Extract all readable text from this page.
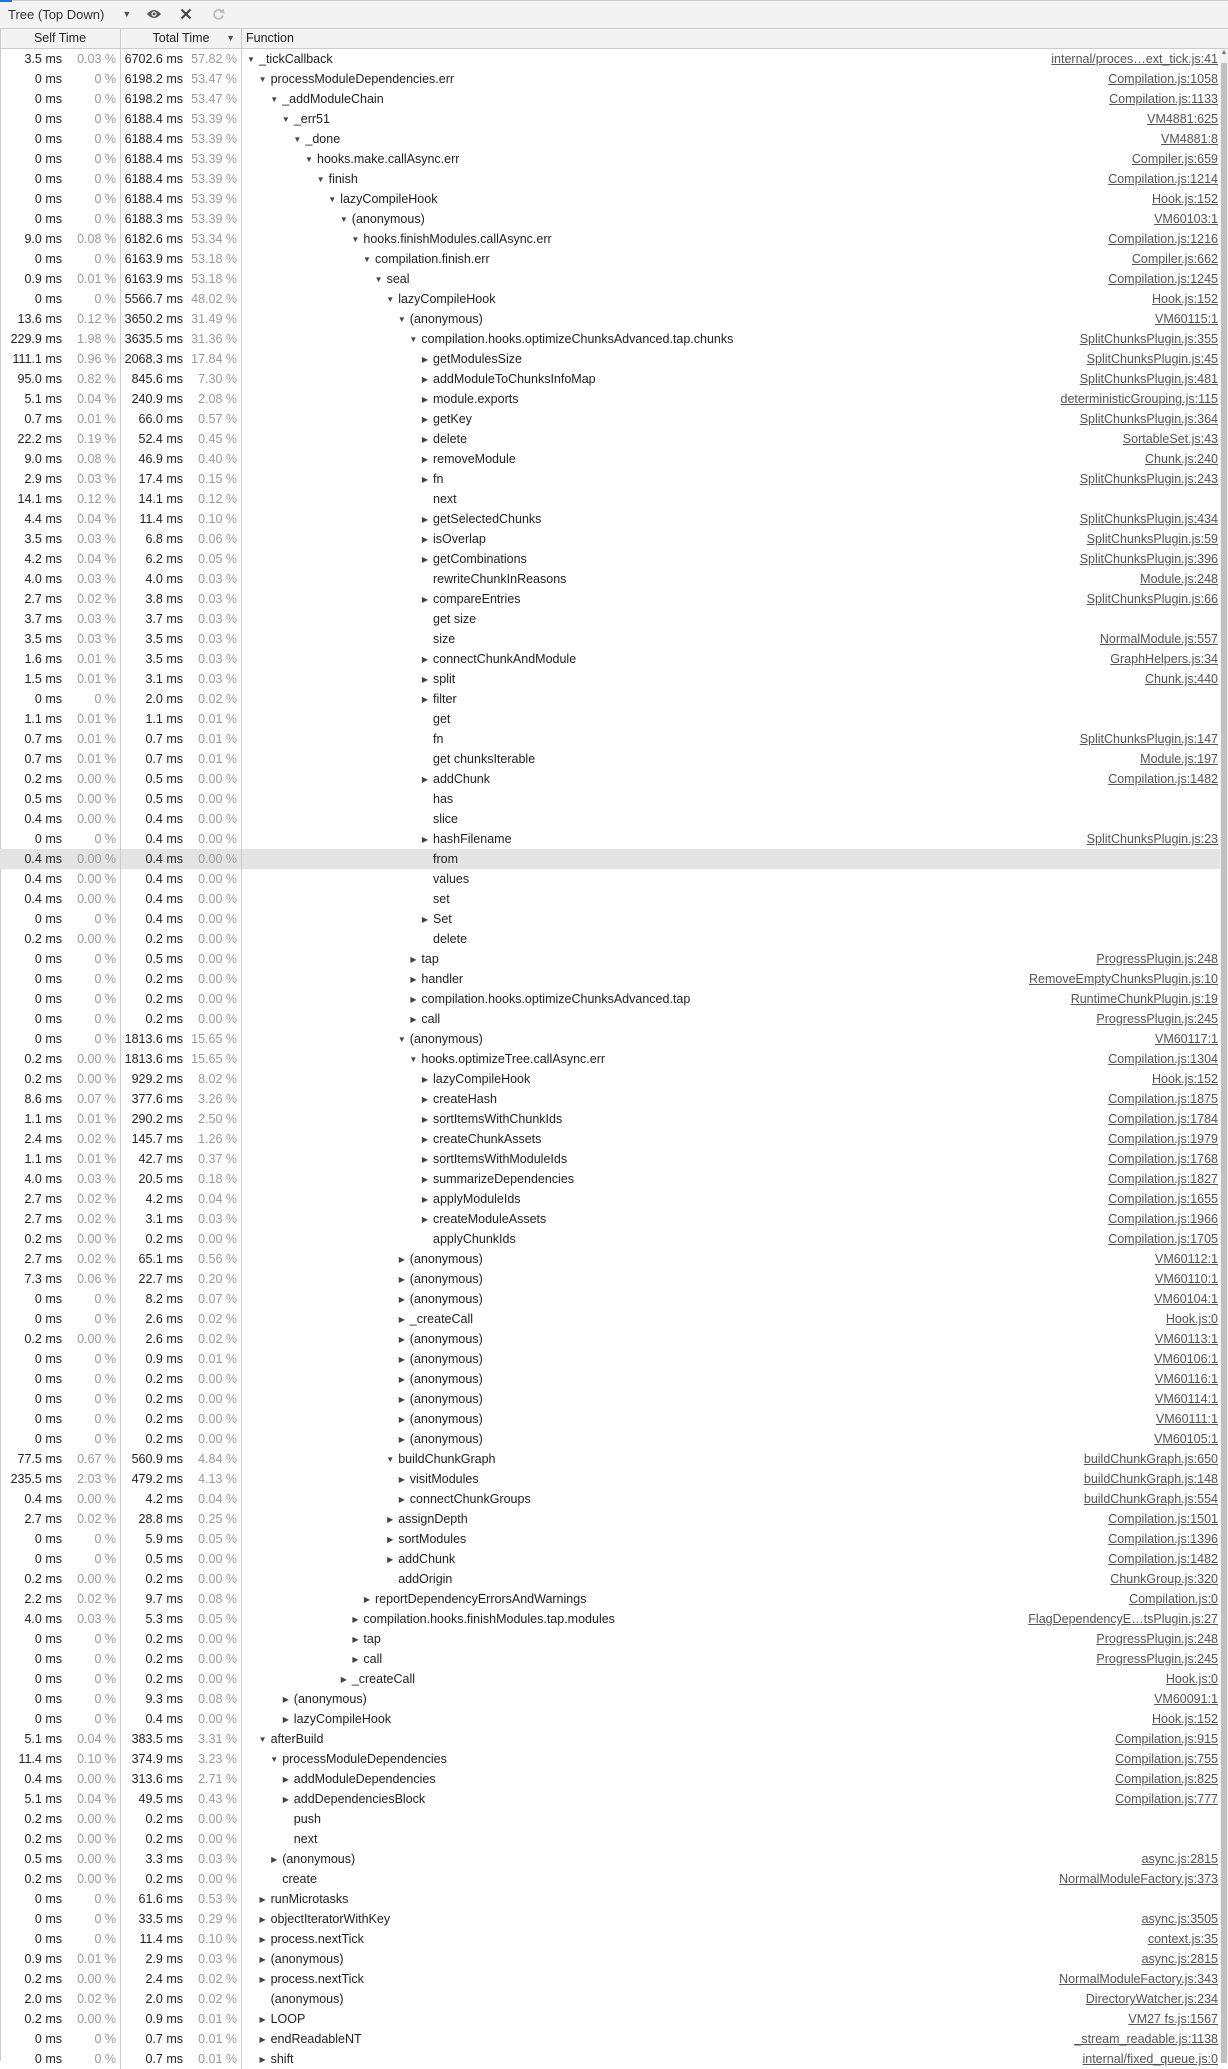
Tree (Top Down) ▼
Self Time	Total Time ▼ Function
3.5 ms	0.03 % 6702.6 ms 57.82 % ▼ _tickCallback	internal/proces…ext_tick.js:41
0 ms	0 % 6198.2 ms 53.47 %	▼ processModuleDependencies.err	Compilation.js:1058
0 ms	0 % 6198.2 ms 53.47 %	▼ _addModuleChain	Compilation.js:1133
0 ms	0 % 6188.4 ms 53.39 %	▼ _err51	VM4881:625
0 ms	0 % 6188.4 ms 53.39 %	▼ _done	VM4881:8
0 ms	0 % 6188.4 ms 53.39 %	▼ hooks.make.callAsync.err	Compiler.js:659
0 ms	0 % 6188.4 ms 53.39 %	▼ finish	Compilation.js:1214
0 ms	0 % 6188.4 ms 53.39 %	▼ lazyCompileHook	Hook.js:152
0 ms	0 % 6188.3 ms 53.39 %	▼ (anonymous)	VM60103:1
9.0 ms	0.08 % 6182.6 ms 53.34 %	▼ hooks.finishModules.callAsync.err	Compilation.js:1216
0 ms	0 % 6163.9 ms 53.18 %	▼ compilation.finish.err	Compiler.js:662
0.9 ms	0.01 % 6163.9 ms 53.18 %	▼ seal	Compilation.js:1245
0 ms	0 % 5566.7 ms 48.02 %	▼ lazyCompileHook	Hook.js:152
13.6 ms	0.12 % 3650.2 ms 31.49 %	▼ (anonymous)	VM60115:1
229.9 ms	1.98 % 3635.5 ms 31.36 %	▼ compilation.hooks.optimizeChunksAdvanced.tap.chunks	SplitChunksPlugin.js:355
111.1 ms	0.96 % 2068.3 ms 17.84 %	▶ getModulesSize	SplitChunksPlugin.js:45
95.0 ms	0.82 % 845.6 ms	7.30 %	▶ addModuleToChunksInfoMap	SplitChunksPlugin.js:481
5.1 ms	0.04 % 240.9 ms	2.08 %	▶ module.exports	deterministicGrouping.js:115
0.7 ms	0.01 % 66.0 ms	0.57 %	▶ getKey	SplitChunksPlugin.js:364
22.2 ms	0.19 % 52.4 ms	0.45 %	▶ delete	SortableSet.js:43
9.0 ms	0.08 % 46.9 ms	0.40 %	▶ removeModule	Chunk.js:240
2.9 ms	0.03 % 17.4 ms	0.15 %	▶ fn	SplitChunksPlugin.js:243
14.1 ms	0.12 % 14.1 ms	0.12 %	next
4.4 ms	0.04 % 11.4 ms	0.10 %	▶ getSelectedChunks	SplitChunksPlugin.js:434
3.5 ms	0.03 % 6.8 ms	0.06 %	▶ isOverlap	SplitChunksPlugin.js:59
4.2 ms	0.04 % 6.2 ms	0.05 %	▶ getCombinations	SplitChunksPlugin.js:396
4.0 ms	0.03 % 4.0 ms	0.03 %	rewriteChunkInReasons	Module.js:248
2.7 ms	0.02 % 3.8 ms	0.03 %	▶ compareEntries	SplitChunksPlugin.js:66
3.7 ms	0.03 % 3.7 ms	0.03 %	get size
3.5 ms	0.03 % 3.5 ms	0.03 %	size	NormalModule.js:557
1.6 ms	0.01 % 3.5 ms	0.03 %	▶ connectChunkAndModule	GraphHelpers.js:34
1.5 ms	0.01 % 3.1 ms	0.03 %	▶ split	Chunk.js:440
0 ms	0 % 2.0 ms	0.02 %	▶ filter
1.1 ms	0.01 % 1.1 ms	0.01 %	get
0.7 ms	0.01 % 0.7 ms	0.01 %	fn	SplitChunksPlugin.js:147
0.7 ms	0.01 % 0.7 ms	0.01 %	get chunksIterable	Module.js:197
0.2 ms	0.00 % 0.5 ms	0.00 %	▶ addChunk	Compilation.js:1482
0.5 ms	0.00 % 0.5 ms	0.00 %	has
0.4 ms	0.00 % 0.4 ms	0.00 %	slice
0 ms	0 % 0.4 ms	0.00 %	▶ hashFilename	SplitChunksPlugin.js:23
0.4 ms	0.00 % 0.4 ms	0.00 %	from
0.4 ms	0.00 % 0.4 ms	0.00 %	values
0.4 ms	0.00 % 0.4 ms	0.00 %	set
0 ms	0 % 0.4 ms	0.00 %	▶ Set
0.2 ms	0.00 % 0.2 ms	0.00 %	delete
0 ms	0 % 0.5 ms	0.00 %	▶ tap	ProgressPlugin.js:248
0 ms	0 % 0.2 ms	0.00 %	▶ handler	RemoveEmptyChunksPlugin.js:10
0 ms	0 % 0.2 ms	0.00 %	▶ compilation.hooks.optimizeChunksAdvanced.tap	RuntimeChunkPlugin.js:19
0 ms	0 % 0.2 ms	0.00 %	▶ call	ProgressPlugin.js:245
0 ms	0 % 1813.6 ms 15.65 %	▼ (anonymous)	VM60117:1
0.2 ms	0.00 % 1813.6 ms 15.65 %	▼ hooks.optimizeTree.callAsync.err	Compilation.js:1304
0.2 ms	0.00 % 929.2 ms	8.02 %	▶ lazyCompileHook	Hook.js:152
8.6 ms	0.07 % 377.6 ms	3.26 %	▶ createHash	Compilation.js:1875
1.1 ms	0.01 % 290.2 ms	2.50 %	▶ sortItemsWithChunkIds	Compilation.js:1784
2.4 ms	0.02 % 145.7 ms	1.26 %	▶ createChunkAssets	Compilation.js:1979
1.1 ms	0.01 % 42.7 ms	0.37 %	▶ sortItemsWithModuleIds	Compilation.js:1768
4.0 ms	0.03 % 20.5 ms	0.18 %	▶ summarizeDependencies	Compilation.js:1827
2.7 ms	0.02 % 4.2 ms	0.04 %	▶ applyModuleIds	Compilation.js:1655
2.7 ms	0.02 % 3.1 ms	0.03 %	▶ createModuleAssets	Compilation.js:1966
0.2 ms	0.00 % 0.2 ms	0.00 %	applyChunkIds	Compilation.js:1705
2.7 ms	0.02 % 65.1 ms	0.56 %	▶ (anonymous)	VM60112:1
7.3 ms	0.06 % 22.7 ms	0.20 %	▶ (anonymous)	VM60110:1
0 ms	0 % 8.2 ms	0.07 %	▶ (anonymous)	VM60104:1
0 ms	0 % 2.6 ms	0.02 %	▶ _createCall	Hook.js:0
0.2 ms	0.00 % 2.6 ms	0.02 %	▶ (anonymous)	VM60113:1
0 ms	0 % 0.9 ms	0.01 %	▶ (anonymous)	VM60106:1
0 ms	0 % 0.2 ms	0.00 %	▶ (anonymous)	VM60116:1
0 ms	0 % 0.2 ms	0.00 %	▶ (anonymous)	VM60114:1
0 ms	0 % 0.2 ms	0.00 %	▶ (anonymous)	VM60111:1
0 ms	0 % 0.2 ms	0.00 %	▶ (anonymous)	VM60105:1
77.5 ms	0.67 % 560.9 ms	4.84 %	▼ buildChunkGraph	buildChunkGraph.js:650
235.5 ms	2.03 % 479.2 ms	4.13 %	▶ visitModules	buildChunkGraph.js:148
0.4 ms	0.00 % 4.2 ms	0.04 %	▶ connectChunkGroups	buildChunkGraph.js:554
2.7 ms	0.02 % 28.8 ms	0.25 %	▶ assignDepth	Compilation.js:1501
0 ms	0 % 5.9 ms	0.05 %	▶ sortModules	Compilation.js:1396
0 ms	0 % 0.5 ms	0.00 %	▶ addChunk	Compilation.js:1482
0.2 ms	0.00 % 0.2 ms	0.00 %	addOrigin	ChunkGroup.js:320
2.2 ms	0.02 % 9.7 ms	0.08 %	▶ reportDependencyErrorsAndWarnings	Compilation.js:0
4.0 ms	0.03 % 5.3 ms	0.05 %	▶ compilation.hooks.finishModules.tap.modules	FlagDependencyE…tsPlugin.js:27
0 ms	0 % 0.2 ms	0.00 %	▶ tap	ProgressPlugin.js:248
0 ms	0 % 0.2 ms	0.00 %	▶ call	ProgressPlugin.js:245
0 ms	0 % 0.2 ms	0.00 %	▶ _createCall	Hook.js:0
0 ms	0 % 9.3 ms	0.08 %	▶ (anonymous)	VM60091:1
0 ms	0 % 0.4 ms	0.00 %	▶ lazyCompileHook	Hook.js:152
5.1 ms	0.04 % 383.5 ms	3.31 %	▼ afterBuild	Compilation.js:915
11.4 ms	0.10 % 374.9 ms	3.23 %	▼ processModuleDependencies	Compilation.js:755
0.4 ms	0.00 % 313.6 ms	2.71 %	▶ addModuleDependencies	Compilation.js:825
5.1 ms	0.04 % 49.5 ms	0.43 %	▶ addDependenciesBlock	Compilation.js:777
0.2 ms	0.00 % 0.2 ms	0.00 %	push
0.2 ms	0.00 % 0.2 ms	0.00 %	next
0.5 ms	0.00 % 3.3 ms	0.03 %	▶ (anonymous)	async.js:2815
0.2 ms	0.00 % 0.2 ms	0.00 %	create	NormalModuleFactory.js:373
0 ms	0 % 61.6 ms	0.53 %	▶ runMicrotasks
0 ms	0 % 33.5 ms	0.29 %	▶ objectIteratorWithKey	async.js:3505
0 ms	0 % 11.4 ms	0.10 %	▶ process.nextTick	context.js:35
0.9 ms	0.01 % 2.9 ms	0.03 %	▶ (anonymous)	async.js:2815
0.2 ms	0.00 % 2.4 ms	0.02 %	▶ process.nextTick	NormalModuleFactory.js:343
2.0 ms	0.02 % 2.0 ms	0.02 %	(anonymous)	DirectoryWatcher.js:234
0.2 ms	0.00 % 0.9 ms	0.01 %	▶ LOOP	VM27 fs.js:1567
0 ms	0 % 0.7 ms	0.01 %	▶ endReadableNT	_stream_readable.js:1138
0 ms	0 % 0.7 ms	0.01 %	▶ shift	internal/fixed_queue.js:0
▲
